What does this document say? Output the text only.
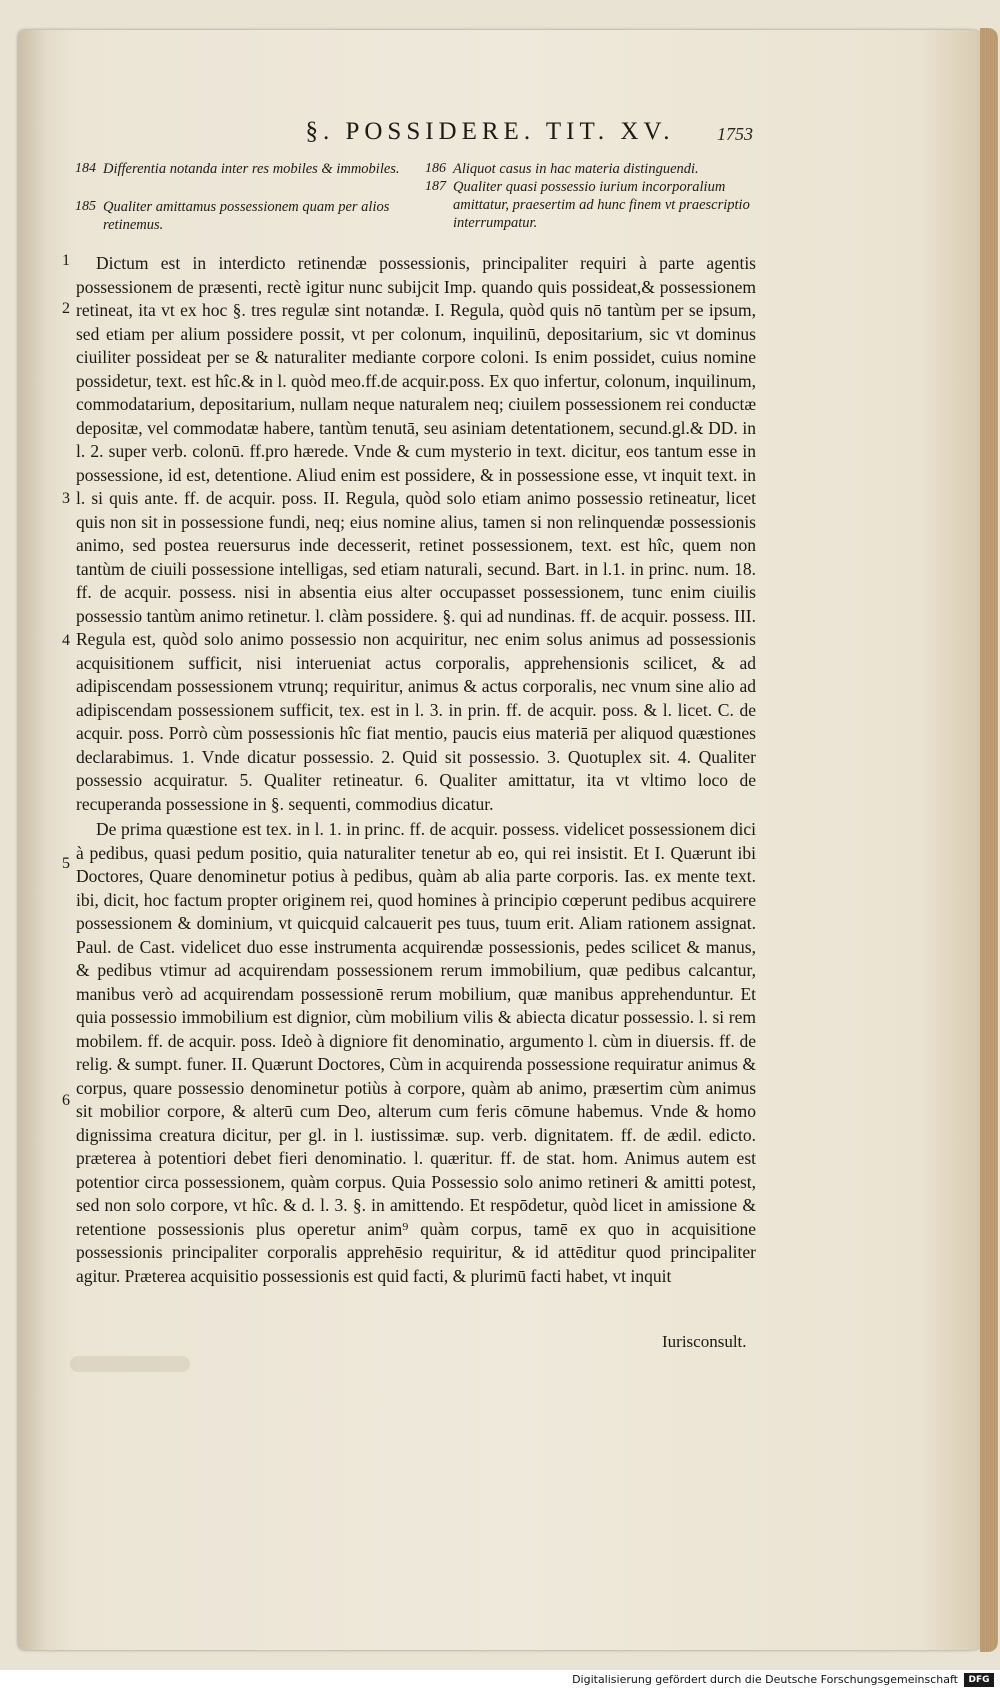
§. POSSIDERE. TIT. XV.	1753
184 Differentia notanda inter res mobiles & immobiles.
185 Qualiter amittamus possessionem quam per alios retinemus.
186 Aliquot casus in hac materia distinguendi.
187 Qualiter quasi possessio iurium incorporalium amittatur, praesertim ad hunc finem vt praescriptio interrumpatur.
1
2
3
4
5
6

Dictum est in interdicto retinendæ possessionis, principaliter requiri à parte agentis possessionem de præsenti, rectè igitur nunc subijcit Imp. quando quis possideat,& possessionem retineat, ita vt ex hoc §. tres regulæ sint notandæ. I. Regula, quòd quis nō tantùm per se ipsum, sed etiam per alium possidere possit, vt per colonum, inquilinū, depositarium, sic vt dominus ciuiliter possideat per se & naturaliter mediante corpore coloni. Is enim possidet, cuius nomine possidetur, text. est hîc.& in l. quòd meo.ff.de acquir.poss. Ex quo infertur, colonum, inquilinum, commodatarium, depositarium, nullam neque naturalem neq; ciuilem possessionem rei conductæ depositæ, vel commodatæ habere, tantùm tenutā, seu asiniam detentationem, secund.gl.& DD. in l. 2. super verb. colonū. ff.pro hærede. Vnde & cum mysterio in text. dicitur, eos tantum esse in possessione, id est, detentione. Aliud enim est possidere, & in possessione esse, vt inquit text. in l. si quis ante. ff. de acquir. poss. II. Regula, quòd solo etiam animo possessio retineatur, licet quis non sit in possessione fundi, neq; eius nomine alius, tamen si non relinquendæ possessionis animo, sed postea reuersurus inde decesserit, retinet possessionem, text. est hîc, quem non tantùm de ciuili possessione intelligas, sed etiam naturali, secund. Bart. in l.1. in princ. num. 18. ff. de acquir. possess. nisi in absentia eius alter occupasset possessionem, tunc enim ciuilis possessio tantùm animo retinetur. l. clàm possidere. §. qui ad nundinas. ff. de acquir. possess. III. Regula est, quòd solo animo possessio non acquiritur, nec enim solus animus ad possessionis acquisitionem sufficit, nisi interueniat actus corporalis, apprehensionis scilicet, & ad adipiscendam possessionem vtrunq; requiritur, animus & actus corporalis, nec vnum sine alio ad adipiscendam possessionem sufficit, tex. est in l. 3. in prin. ff. de acquir. poss. & l. licet. C. de acquir. poss. Porrò cùm possessionis hîc fiat mentio, paucis eius materiā per aliquod quæstiones declarabimus. 1. Vnde dicatur possessio. 2. Quid sit possessio. 3. Quotuplex sit. 4. Qualiter possessio acquiratur. 5. Qualiter retineatur. 6. Qualiter amittatur, ita vt vltimo loco de recuperanda possessione in §. sequenti, commodius dicatur.

De prima quæstione est tex. in l. 1. in princ. ff. de acquir. possess. videlicet possessionem dici à pedibus, quasi pedum positio, quia naturaliter tenetur ab eo, qui rei insistit. Et I. Quærunt ibi Doctores, Quare denominetur potius à pedibus, quàm ab alia parte corporis. Ias. ex mente text. ibi, dicit, hoc factum propter originem rei, quod homines à principio cœperunt pedibus acquirere possessionem & dominium, vt quicquid calcauerit pes tuus, tuum erit. Aliam rationem assignat. Paul. de Cast. videlicet duo esse instrumenta acquirendæ possessionis, pedes scilicet & manus, & pedibus vtimur ad acquirendam possessionem rerum immobilium, quæ pedibus calcantur, manibus verò ad acquirendam possessionē rerum mobilium, quæ manibus apprehenduntur. Et quia possessio immobilium est dignior, cùm mobilium vilis & abiecta dicatur possessio. l. si rem mobilem. ff. de acquir. poss. Ideò à digniore fit denominatio, argumento l. cùm in diuersis. ff. de relig. & sumpt. funer. II. Quærunt Doctores, Cùm in acquirenda possessione requiratur animus & corpus, quare possessio denominetur potiùs à corpore, quàm ab animo, præsertim cùm animus sit mobilior corpore, & alterū cum Deo, alterum cum feris cōmune habemus. Vnde & homo dignissima creatura dicitur, per gl. in l. iustissimæ. sup. verb. dignitatem. ff. de ædil. edicto. præterea à potentiori debet fieri denominatio. l. quæritur. ff. de stat. hom. Animus autem est potentior circa possessionem, quàm corpus. Quia Possessio solo animo retineri & amitti potest, sed non solo corpore, vt hîc. & d. l. 3. §. in amittendo. Et respōdetur, quòd licet in amissione & retentione possessionis plus operetur anim⁹ quàm corpus, tamē ex quo in acquisitione possessionis principaliter corporalis apprehēsio requiritur, & id attēditur quod principaliter agitur. Præterea acquisitio possessionis est quid facti, & plurimū facti habet, vt inquit

Iurisconsult.
Digitalisierung gefördert durch die Deutsche Forschungsgemeinschaft	DFG
